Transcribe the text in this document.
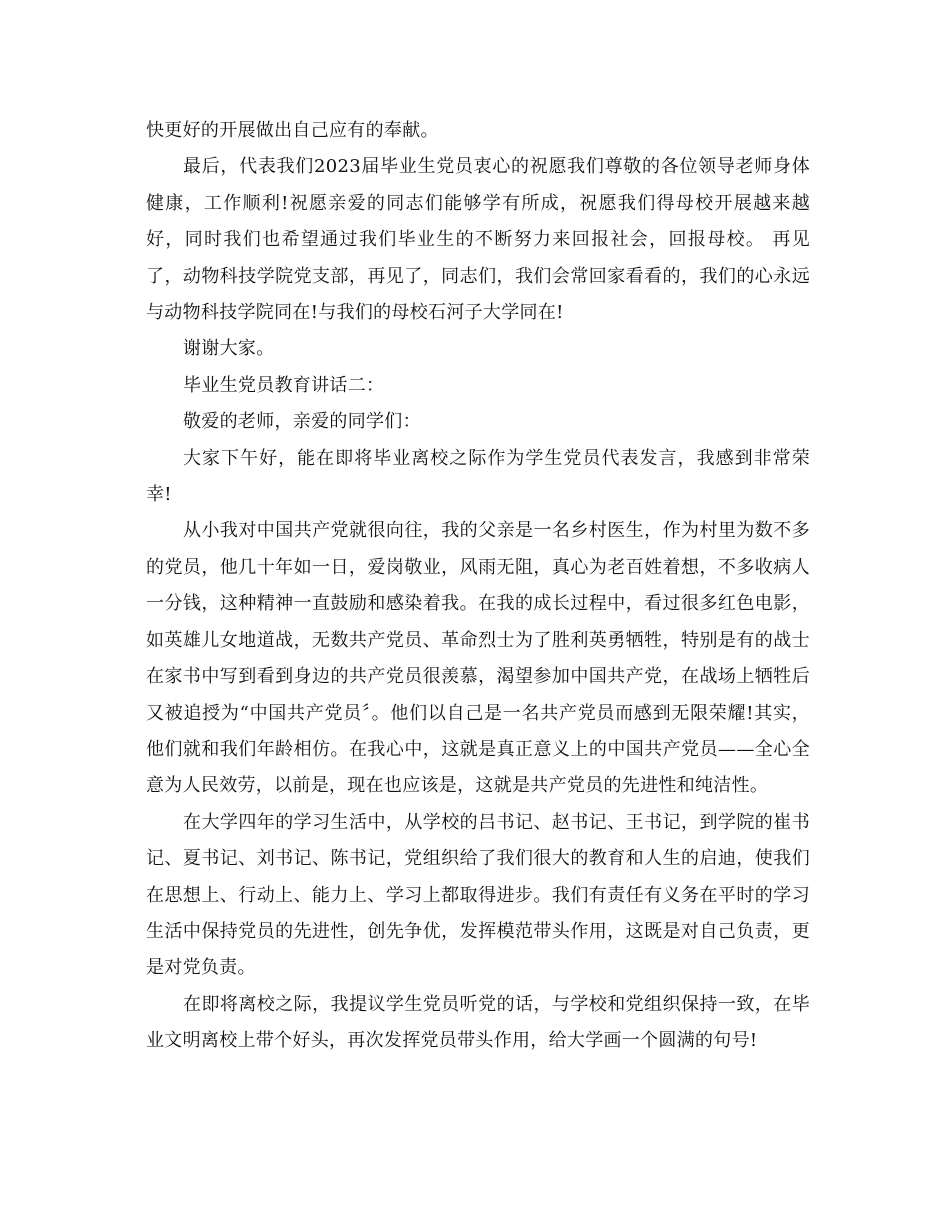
快更好的开展做出自己应有的奉献。

最后，代表我们2023届毕业生党员衷心的祝愿我们尊敬的各位领导老师身体健康，工作顺利!祝愿亲爱的同志们能够学有所成，祝愿我们得母校开展越来越好，同时我们也希望通过我们毕业生的不断努力来回报社会，回报母校。 再见了，动物科技学院党支部，再见了，同志们，我们会常回家看看的，我们的心永远与动物科技学院同在!与我们的母校石河子大学同在!

谢谢大家。

毕业生党员教育讲话二：

敬爱的老师，亲爱的同学们：

大家下午好，能在即将毕业离校之际作为学生党员代表发言，我感到非常荣幸!

从小我对中国共产党就很向往，我的父亲是一名乡村医生，作为村里为数不多的党员，他几十年如一日，爱岗敬业，风雨无阻，真心为老百姓着想，不多收病人一分钱，这种精神一直鼓励和感染着我。在我的成长过程中，看过很多红色电影，如英雄儿女地道战，无数共产党员、革命烈士为了胜利英勇牺牲，特别是有的战士在家书中写到看到身边的共产党员很羡慕，渴望参加中国共产党，在战场上牺牲后又被追授为“中国共产党员〞。他们以自己是一名共产党员而感到无限荣耀!其实，他们就和我们年龄相仿。在我心中，这就是真正意义上的中国共产党员——全心全意为人民效劳，以前是，现在也应该是，这就是共产党员的先进性和纯洁性。

在大学四年的学习生活中，从学校的吕书记、赵书记、王书记，到学院的崔书记、夏书记、刘书记、陈书记，党组织给了我们很大的教育和人生的启迪，使我们在思想上、行动上、能力上、学习上都取得进步。我们有责任有义务在平时的学习生活中保持党员的先进性，创先争优，发挥模范带头作用，这既是对自己负责，更是对党负责。

在即将离校之际，我提议学生党员听党的话，与学校和党组织保持一致，在毕业文明离校上带个好头，再次发挥党员带头作用，给大学画一个圆满的句号!
